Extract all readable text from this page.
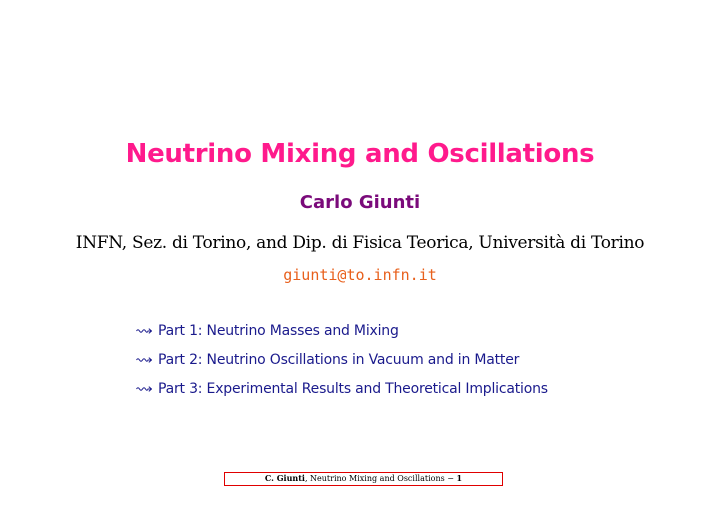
Neutrino Mixing and Oscillations
Carlo Giunti
INFN, Sez. di Torino, and Dip. di Fisica Teorica, Università di Torino
giunti@to.infn.it
Part 1: Neutrino Masses and Mixing
Part 2: Neutrino Oscillations in Vacuum and in Matter
Part 3: Experimental Results and Theoretical Implications
C. Giunti, Neutrino Mixing and Oscillations − 1
